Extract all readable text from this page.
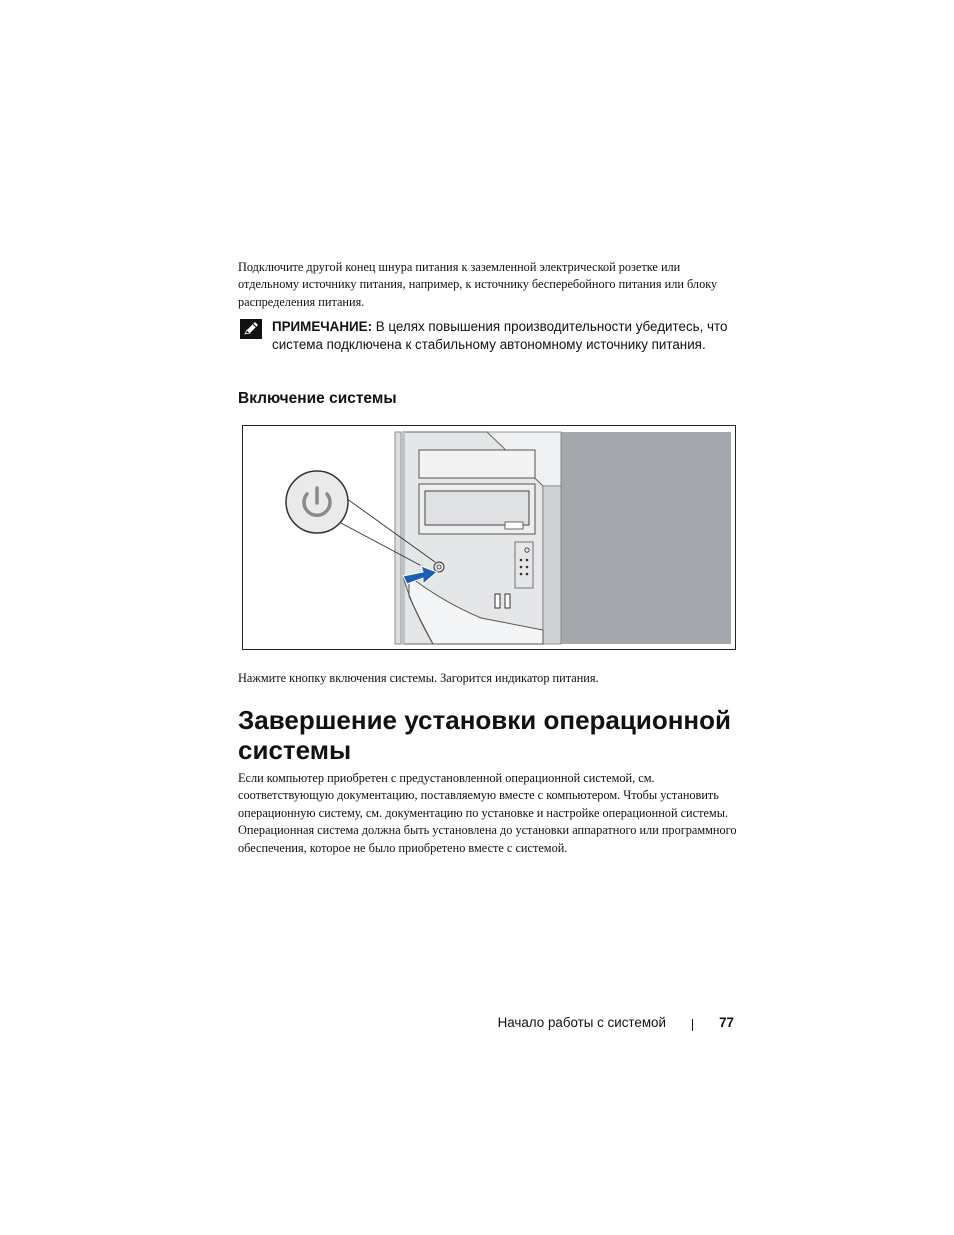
Подключите другой конец шнура питания к заземленной электрической розетке или отдельному источнику питания, например, к источнику бесперебойного питания или блоку распределения питания.

ПРИМЕЧАНИЕ: В целях повышения производительности убедитесь, что система подключена к стабильному автономному источнику питания.
Включение системы

Нажмите кнопку включения системы. Загорится индикатор питания.

Завершение установки операционной системы

Если компьютер приобретен с предустановленной операционной системой, см. соответствующую документацию, поставляемую вместе с компьютером. Чтобы установить операционную систему, см. документацию по установке и настройке операционной системы. Операционная система должна быть установлена до установки аппаратного или программного обеспечения, которое не было приобретено вместе с системой.

Начало работы с системой	77
